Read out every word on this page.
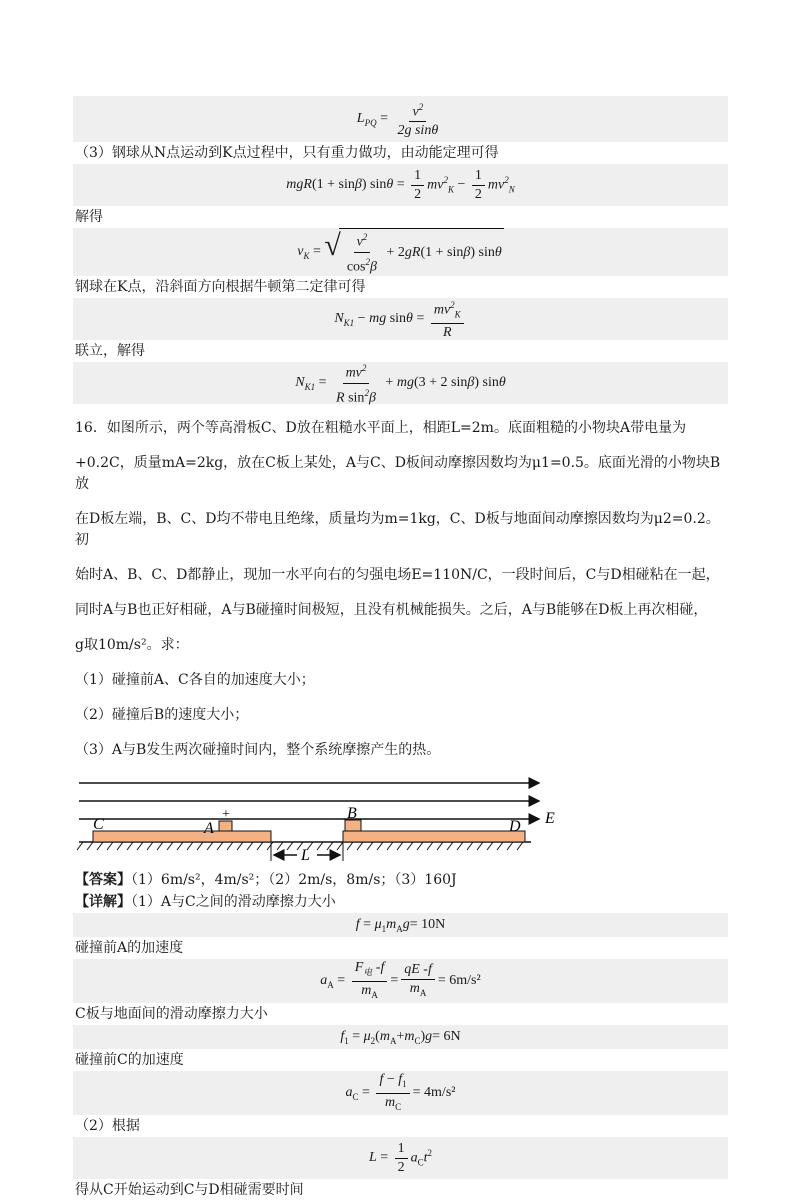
$L_{PQ} = \frac{v^2}{\text{2g sinθ}}$

（3）钢球从N点运动到K点过程中，只有重力做功，由动能定理可得

mgR (1 + sin β ) $\sin \theta = \frac{1}{2} mv^2_K - \frac{1}{2} mv^2_N$

解得

$v_K$ = √ $\frac{v^2}{\cos^2\beta} + 2$ gR (1 + sin β ) sin θ

钢球在K点，沿斜面方向根据牛顿第二定律可得

$N_{K1}$ − mg $\sin \theta = \frac{mv^2_K}{R}$

联立，解得

$N_{K1} = \frac{mv^2}{R \sin^2\beta}$ + mg (3 + 2 sin β ) sin θ

16．如图所示，两个等高滑板C、D放在粗糙水平面上，相距L=2m。底面粗糙的小物块A带电量为

+0.2C，质量mA=2kg，放在C板上某处，A与C、D板间动摩擦因数均为μ1=0.5。底面光滑的小物块B放

在D板左端，B、C、D均不带电且绝缘，质量均为m=1kg，C、D板与地面间动摩擦因数均为μ2=0.2。初

始时A、B、C、D都静止，现加一水平向右的匀强电场E=110N/C，一段时间后，C与D相碰粘在一起，

同时A与B也正好相碰，A与B碰撞时间极短，且没有机械能损失。之后，A与B能够在D板上再次相碰，

g取10m/s²。求：

（1）碰撞前A、C各自的加速度大小；

（2）碰撞后B的速度大小；

（3）A与B发生两次碰撞时间内，整个系统摩擦产生的热。

C	A
+	B
D E
L

【答案】（1）6m/s²，4m/s²；（2）2m/s，8m/s；（3）160J

【详解】（1）A与C之间的滑动摩擦力大小

$f = \mu_1m_Ag = 10N$

碰撞前A的加速度

$a_A = \frac{F_电 -f}{m_A} = \frac{qE -f}{m_A} = 6m/s^2$

C板与地面间的滑动摩擦力大小

$f_1 = \mu_2$ ( $m_A + m_C$ ) g = 6N

碰撞前C的加速度

$a_C = \frac{f - f_1}{m_C} = 4m/s^2$

（2）根据

$L = \frac{1}{2} a_Ct^2$

得从C开始运动到C与D相碰需要时间
